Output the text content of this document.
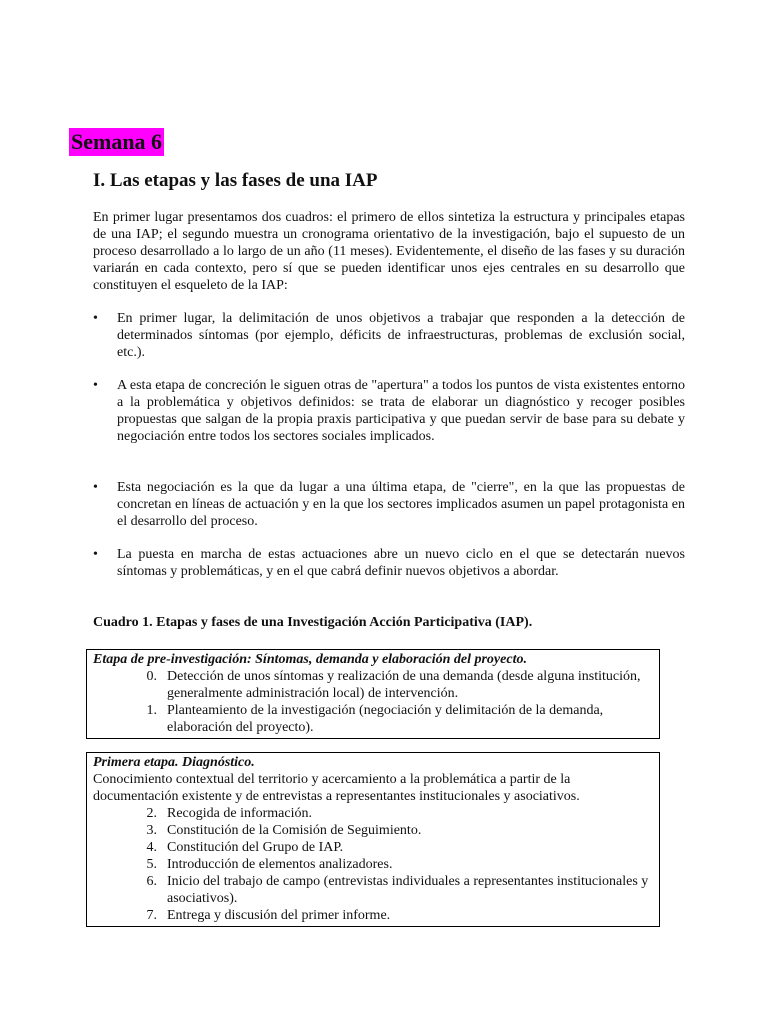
Semana 6
I. Las etapas y las fases de una IAP

En primer lugar presentamos dos cuadros: el primero de ellos sintetiza la estructura y principales etapas de una IAP; el segundo muestra un cronograma orientativo de la investigación, bajo el supuesto de un proceso desarrollado a lo largo de un año (11 meses). Evidentemente, el diseño de las fases y su duración variarán en cada contexto, pero sí que se pueden identificar unos ejes centrales en su desarrollo que constituyen el esqueleto de la IAP:

• En primer lugar, la delimitación de unos objetivos a trabajar que responden a la detección de determinados síntomas (por ejemplo, déficits de infraestructuras, problemas de exclusión social, etc.).
• A esta etapa de concreción le siguen otras de "apertura" a todos los puntos de vista existentes entorno a la problemática y objetivos definidos: se trata de elaborar un diagnóstico y recoger posibles propuestas que salgan de la propia praxis participativa y que puedan servir de base para su debate y negociación entre todos los sectores sociales implicados.
• Esta negociación es la que da lugar a una última etapa, de "cierre", en la que las propuestas de concretan en líneas de actuación y en la que los sectores implicados asumen un papel protagonista en el desarrollo del proceso.
• La puesta en marcha de estas actuaciones abre un nuevo ciclo en el que se detectarán nuevos síntomas y problemáticas, y en el que cabrá definir nuevos objetivos a abordar.
Cuadro 1. Etapas y fases de una Investigación Acción Participativa (IAP).
Etapa de pre-investigación: Síntomas, demanda y elaboración del proyecto.
0. Detección de unos síntomas y realización de una demanda (desde alguna institución, generalmente administración local) de intervención.
1. Planteamiento de la investigación (negociación y delimitación de la demanda, elaboración del proyecto).
Primera etapa. Diagnóstico.

Conocimiento contextual del territorio y acercamiento a la problemática a partir de la documentación existente y de entrevistas a representantes institucionales y asociativos.

2. Recogida de información.
3. Constitución de la Comisión de Seguimiento.
4. Constitución del Grupo de IAP.
5. Introducción de elementos analizadores.
6. Inicio del trabajo de campo (entrevistas individuales a representantes institucionales y asociativos).
7. Entrega y discusión del primer informe.
